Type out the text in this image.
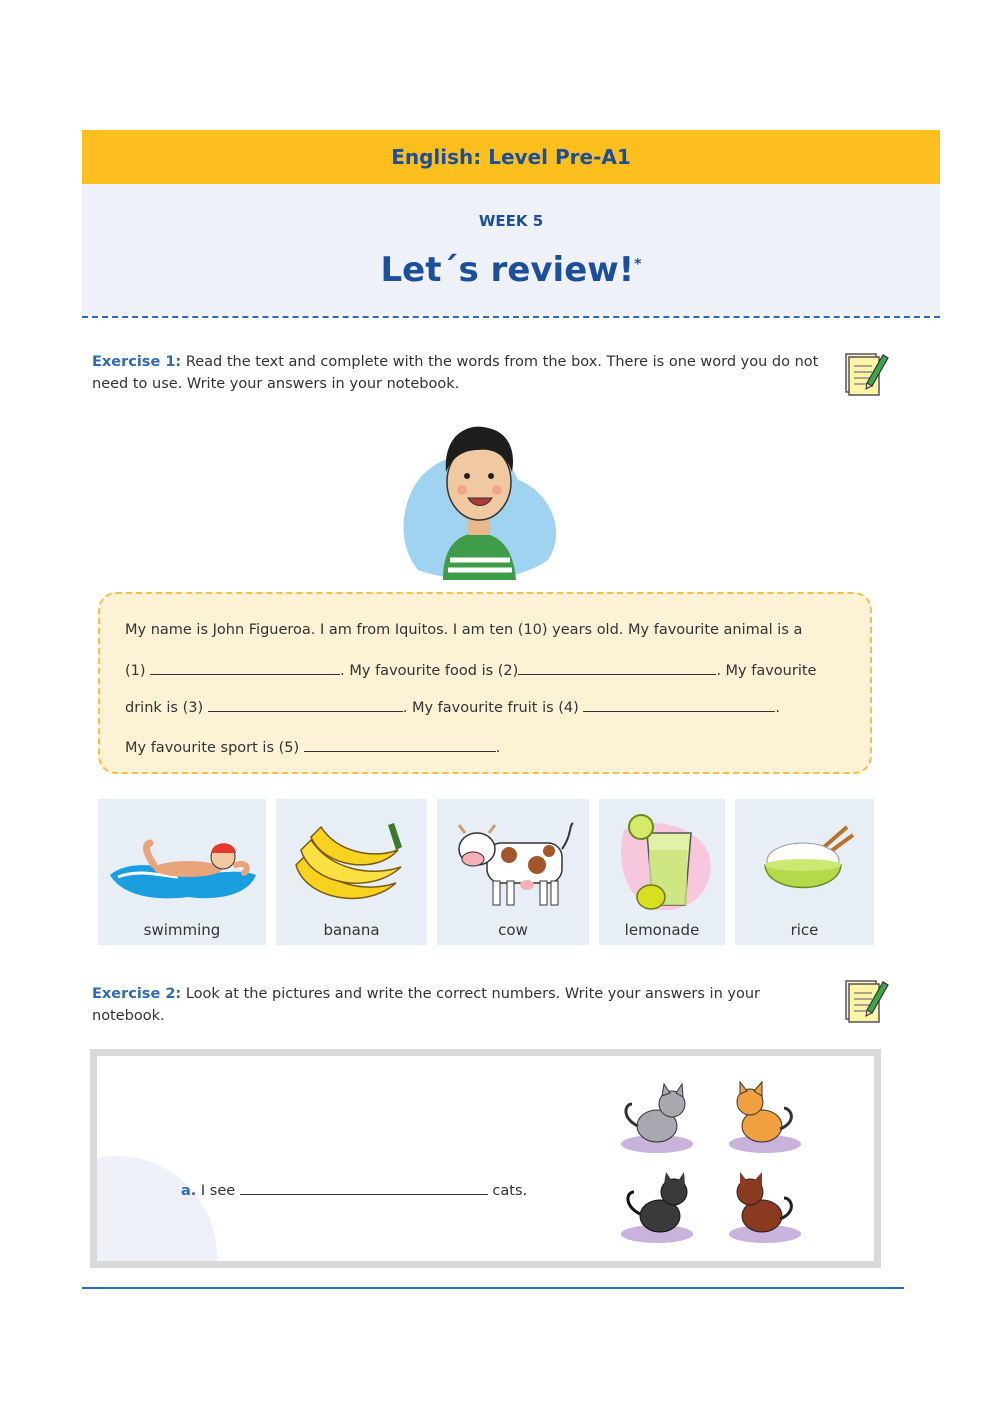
English: Level Pre-A1
WEEK 5
Let´s review!*
Exercise 1: Read the text and complete with the words from the box. There is one word you do not need to use. Write your answers in your notebook.
My name is John Figueroa. I am from Iquitos. I am ten (10) years old. My favourite animal is a
(1)	. My favourite food is (2)	. My favourite
drink is (3)	. My favourite fruit is (4)	.
My favourite sport is (5)	.
swimming	banana	cow	lemonade	rice
Exercise 2: Look at the pictures and write the correct numbers. Write your answers in your notebook.
a. I see	cats.
